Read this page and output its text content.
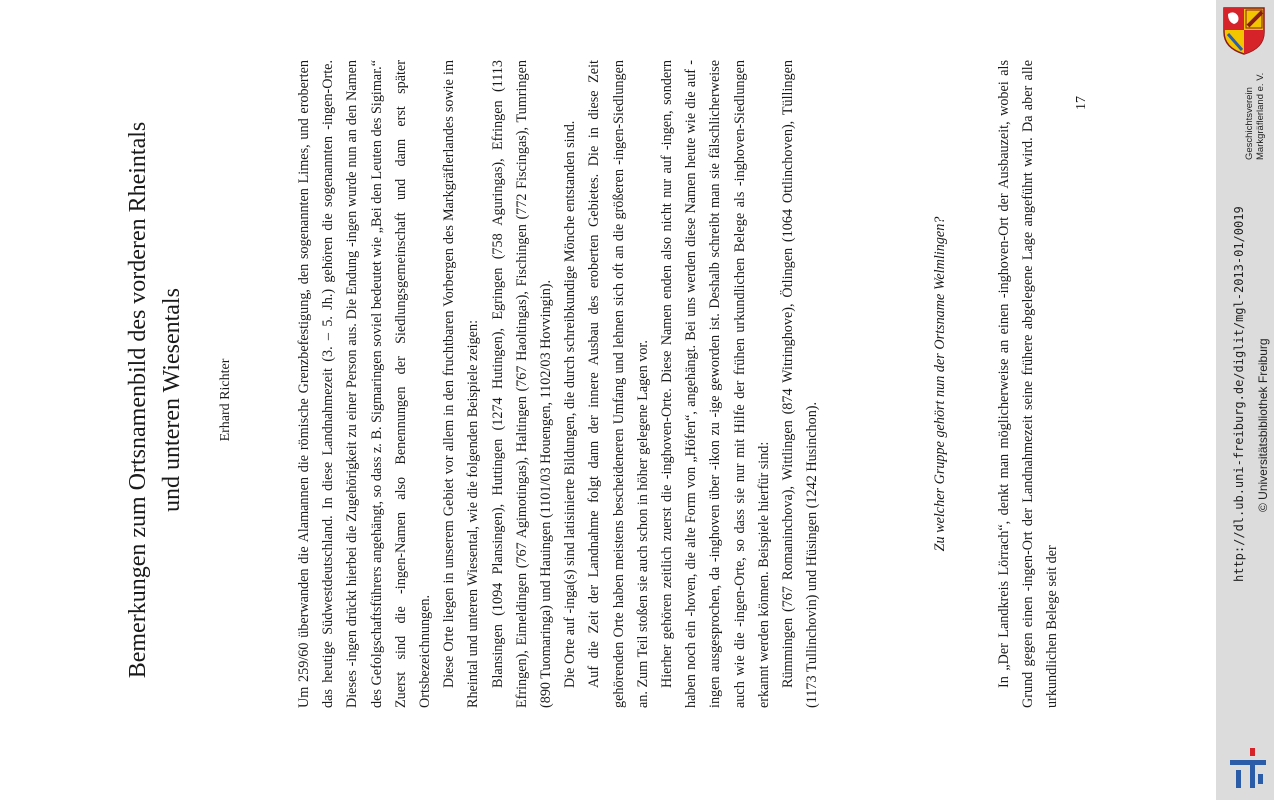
Bemerkungen zum Ortsnamenbild des vorderen Rheintals und unteren Wiesentals Erhard Richter	Um 259/60 überwanden die Alamannen die römische Grenzbefestigung, den sogenannten Limes, und eroberten das heutige Südwestdeutschland. In diese Landnahmezeit (3. – 5. Jh.) gehören die sogenannten -ingen-Orte. Dieses -ingen drückt hierbei die Zugehörigkeit zu einer Person aus. Die Endung -ingen wurde nun an den Namen des Gefolgschaftsführers angehängt, so dass z. B. Sigmaringen soviel bedeutet wie „Bei den Leuten des Sigimar.“ Zuerst sind die -ingen-Namen also Benennungen der Siedlungsgemeinschaft und dann erst später Ortsbezeichnungen. Diese Orte liegen in unserem Gebiet vor allem in den fruchtbaren Vorbergen des Markgräflerlandes sowie im Rheintal und unteren Wiesental, wie die folgenden Beispiele zeigen: Blansingen (1094 Plansingen), Huttingen (1274 Hutingen), Egringen (758 Aguringas), Efringen (1113 Efringen), Eimeldingen (767 Agimotingas), Haltingen (767 Haoltingas), Fischingen (772 Fiscingas), Tumringen (890 Tuomaringa) und Hauingen (1101/03 Houengen, 1102/03 Hovvingin). Die Orte auf -inga(s) sind latisinierte Bildungen, die durch schreibkundige Mönche entstanden sind. Auf die Zeit der Landnahme folgt dann der innere Ausbau des eroberten Gebietes. Die in diese Zeit gehörenden Orte haben meistens bescheideneren Umfang und lehnen sich oft an die größeren -ingen-Siedlungen an. Zum Teil stoßen sie auch schon in höher gelegene Lagen vor. Hierher gehören zeitlich zuerst die -inghoven-Orte. Diese Namen enden also nicht nur auf -ingen, sondern haben noch ein -hoven, die alte Form von „Höfen“, angehängt. Bei uns werden diese Namen heute wie die auf -ingen ausgesprochen, da -inghoven über -ikon zu -ige geworden ist. Deshalb schreibt man sie fälschlicherweise auch wie die -ingen-Orte, so dass sie nur mit Hilfe der frühen urkundlichen Belege als -inghoven-Siedlungen erkannt werden können. Beispiele hierfür sind: Rümmingen (767 Romaninchova), Wittlingen (874 Witringhove), Ötlingen (1064 Ottlinchoven), Tüllingen (1173 Tullinchovin) und Hüsingen (1242 Husinchon).

Zu welcher Gruppe gehört nun der Ortsname Welmlingen?	In „Der Landkreis Lörrach“, denkt man möglicherweise an einen -inghoven-Ort der Ausbauzeit, wobei als Grund gegen einen -ingen-Ort der Landnahmezeit seine frühere abgelegene Lage angeführt wird. Da aber alle urkundlichen Belege seit der

17	Geschichtsverein Markgräflerland e. V.
http://dl.ub.uni-freiburg.de/diglit/mgl-2013-01/0019 © Universitätsbibliothek Freiburg
